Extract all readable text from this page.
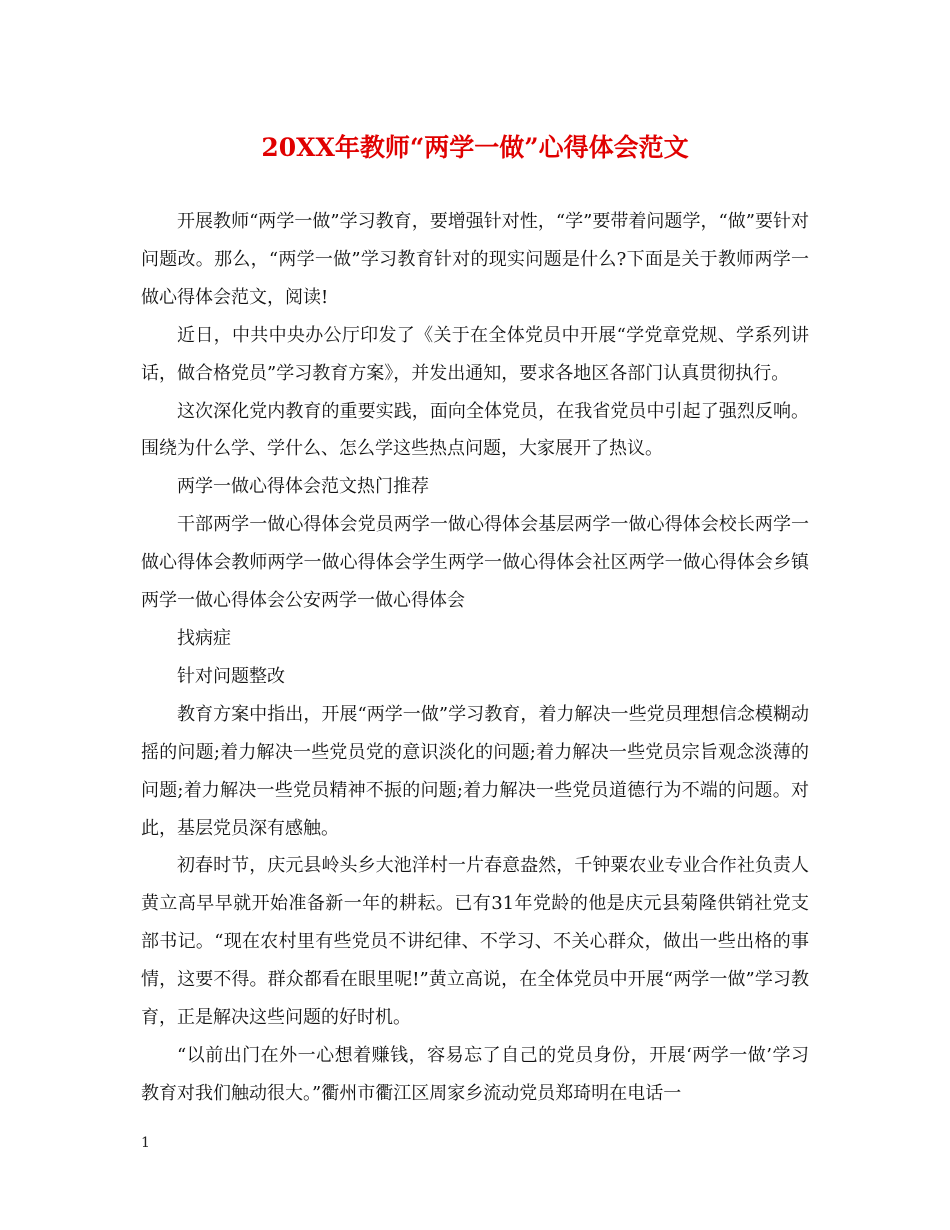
20XX年教师“两学一做”心得体会范文

开展教师“两学一做”学习教育，要增强针对性，“学”要带着问题学，“做”要针对问题改。那么，“两学一做”学习教育针对的现实问题是什么?下面是关于教师两学一做心得体会范文，阅读!

近日，中共中央办公厅印发了《关于在全体党员中开展“学党章党规、学系列讲话，做合格党员”学习教育方案》，并发出通知，要求各地区各部门认真贯彻执行。

这次深化党内教育的重要实践，面向全体党员，在我省党员中引起了强烈反响。围绕为什么学、学什么、怎么学这些热点问题，大家展开了热议。

两学一做心得体会范文热门推荐

干部两学一做心得体会党员两学一做心得体会基层两学一做心得体会校长两学一做心得体会教师两学一做心得体会学生两学一做心得体会社区两学一做心得体会乡镇两学一做心得体会公安两学一做心得体会

找病症

针对问题整改

教育方案中指出，开展“两学一做”学习教育，着力解决一些党员理想信念模糊动摇的问题;着力解决一些党员党的意识淡化的问题;着力解决一些党员宗旨观念淡薄的问题;着力解决一些党员精神不振的问题;着力解决一些党员道德行为不端的问题。对此，基层党员深有感触。

初春时节，庆元县岭头乡大池洋村一片春意盎然，千钟粟农业专业合作社负责人黄立高早早就开始准备新一年的耕耘。已有31年党龄的他是庆元县菊隆供销社党支部书记。“现在农村里有些党员不讲纪律、不学习、不关心群众，做出一些出格的事情，这要不得。群众都看在眼里呢!”黄立高说，在全体党员中开展“两学一做”学习教育，正是解决这些问题的好时机。

“以前出门在外一心想着赚钱，容易忘了自己的党员身份，开展‘两学一做’学习教育对我们触动很大。”衢州市衢江区周家乡流动党员郑琦明在电话一

1
